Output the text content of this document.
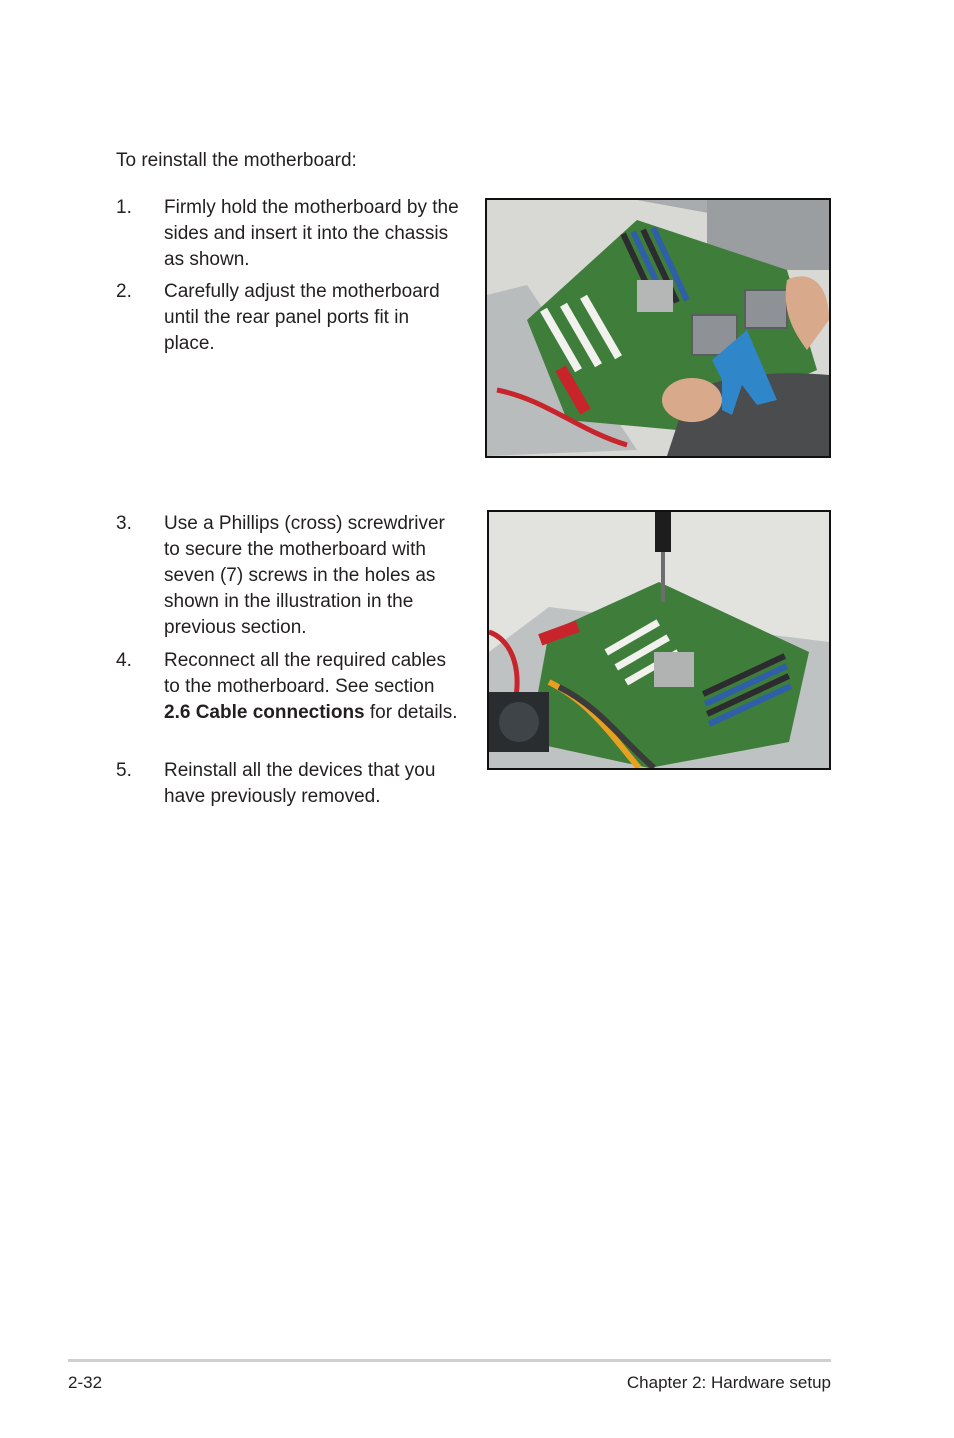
To reinstall the motherboard:
1. Firmly hold the motherboard by the sides and insert it into the chassis as shown.
2. Carefully adjust the motherboard until the rear panel ports fit in place.
3. Use a Phillips (cross) screwdriver to secure the motherboard with seven (7) screws in the holes as shown in the illustration in the previous section.
4. Reconnect all the required cables to the motherboard. See section 2.6 Cable connections for details.
5. Reinstall all the devices that you have previously removed.
2-32	Chapter 2: Hardware setup
